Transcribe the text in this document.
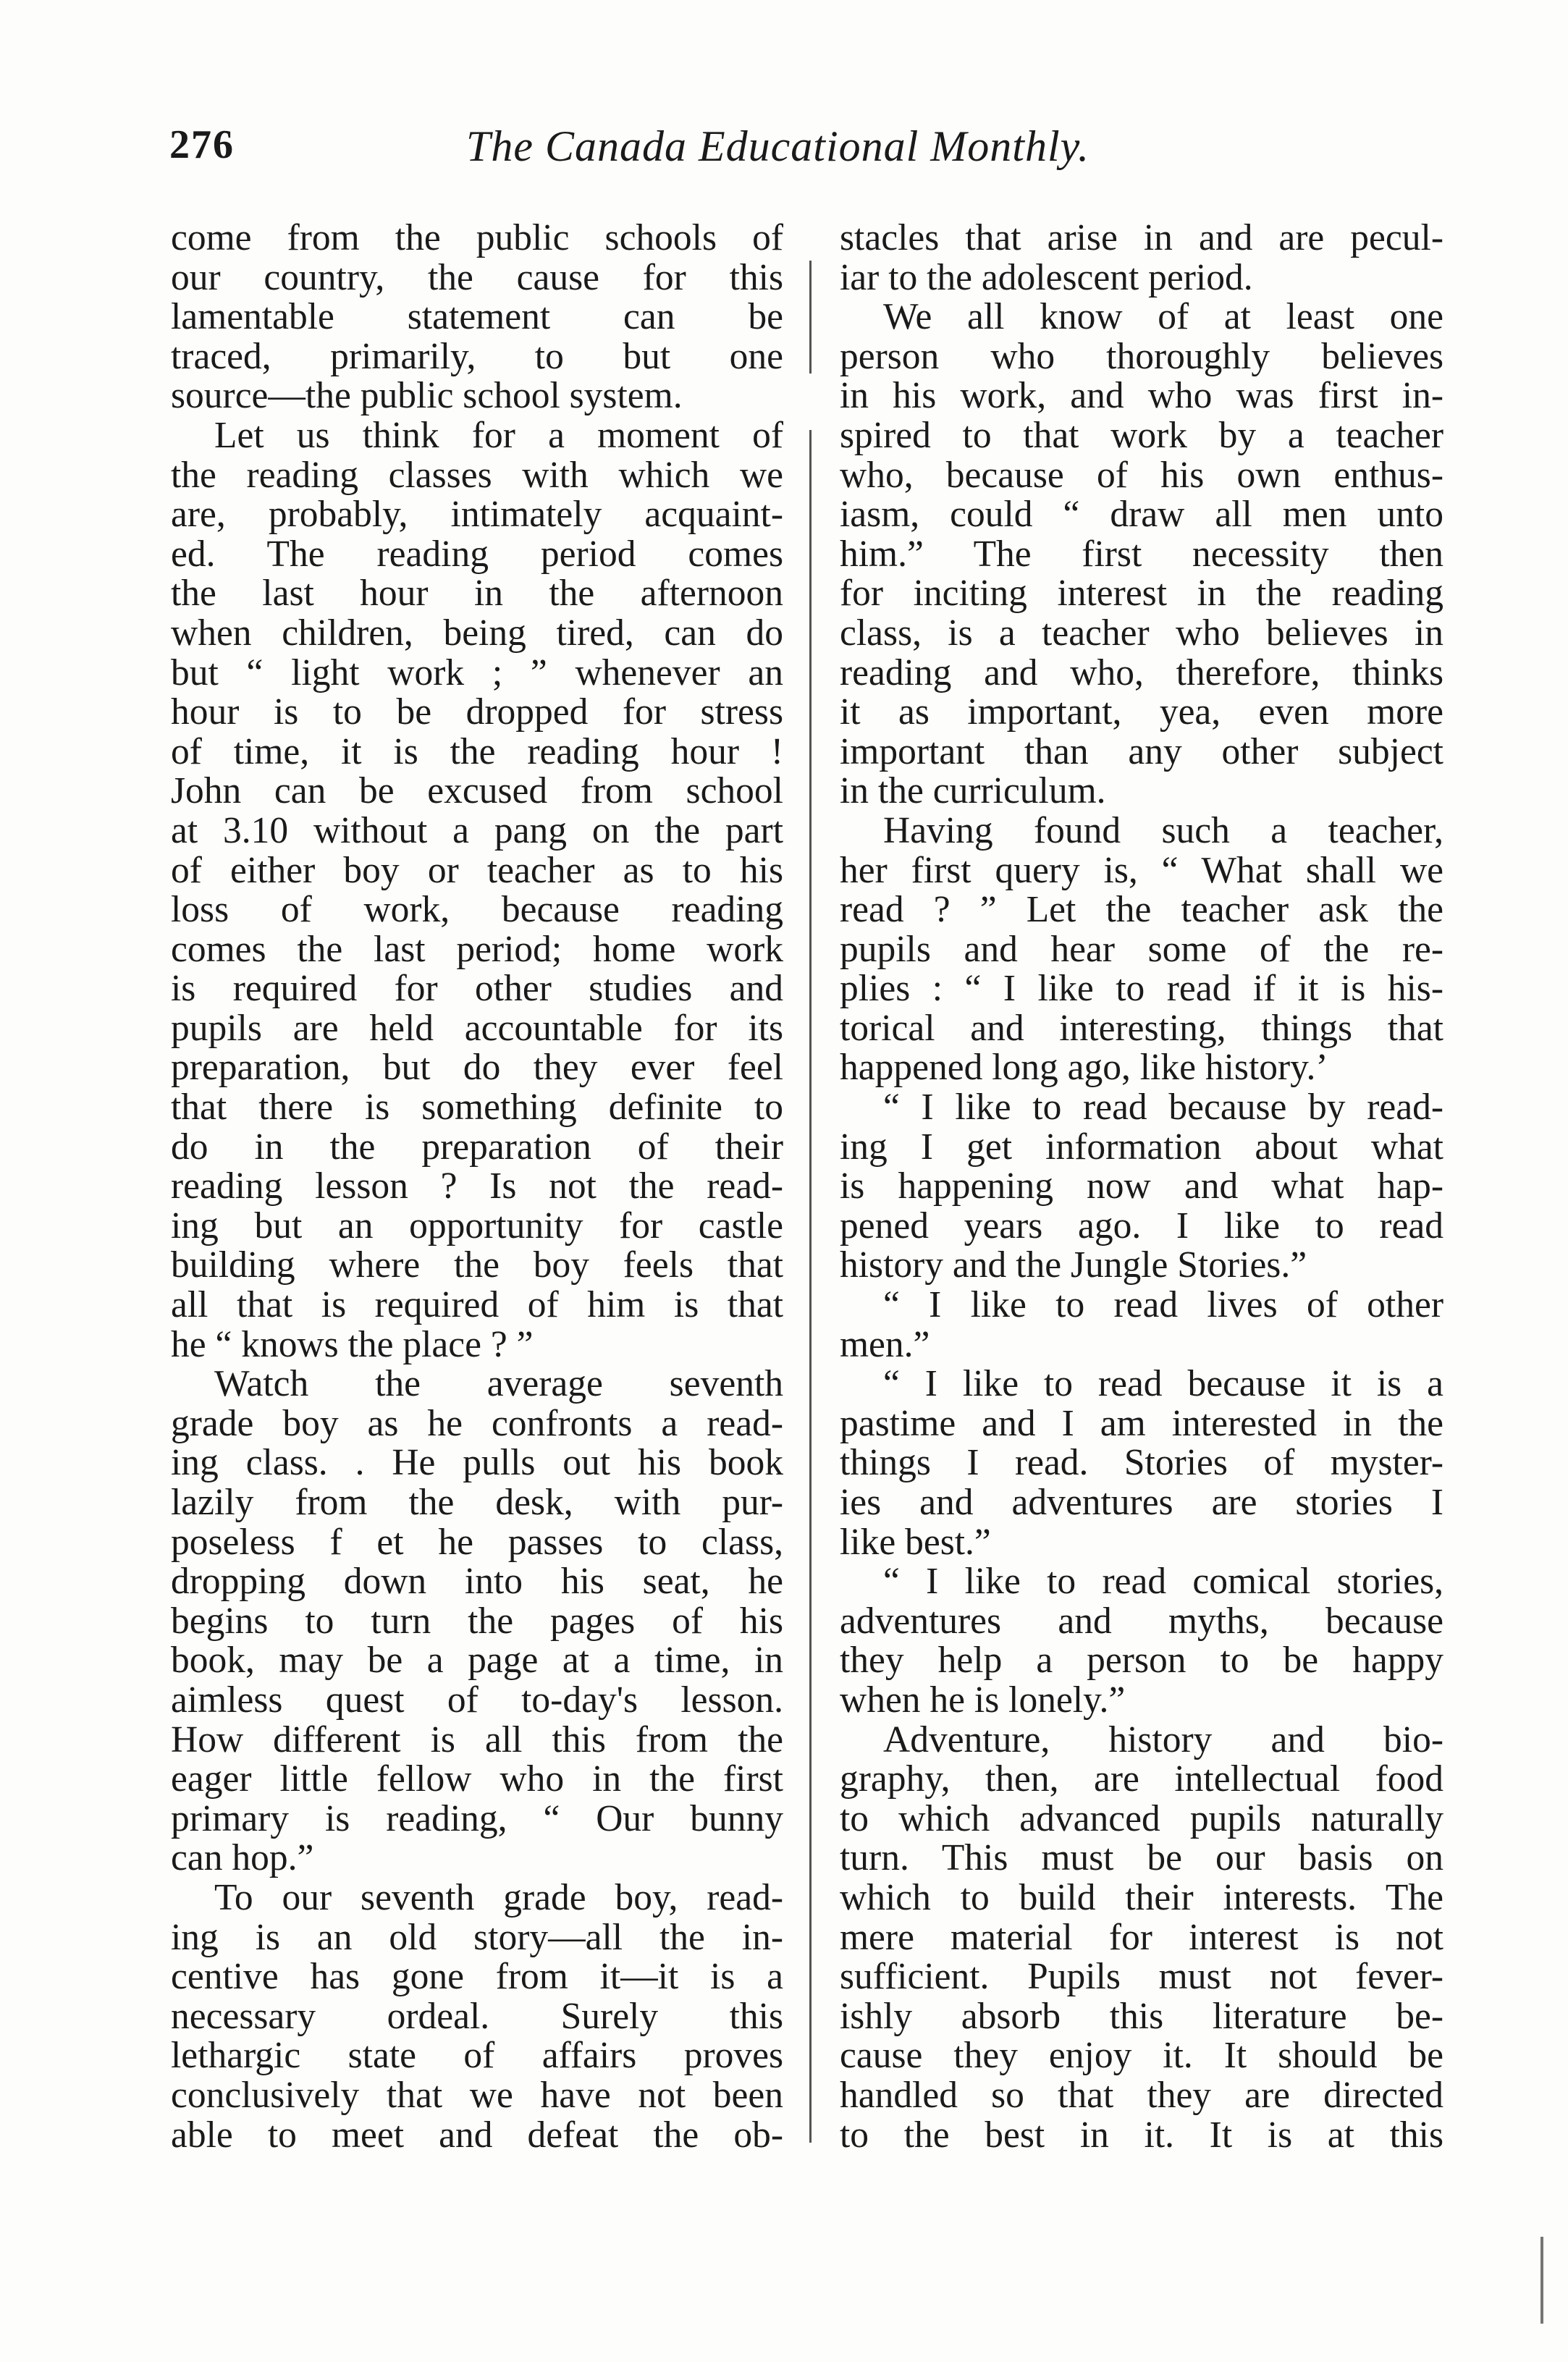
276	The Canada Educational Monthly.
come from the public schools of
our country, the cause for this
lamentable statement can be
traced, primarily, to but one
source—the public school system.
Let us think for a moment of
the reading classes with which we
are, probably, intimately acquaint-
ed. The reading period comes
the last hour in the afternoon
when children, being tired, can do
but “ light work ; ” whenever an
hour is to be dropped for stress
of time, it is the reading hour !
John can be excused from school
at 3.10 without a pang on the part
of either boy or teacher as to his
loss of work, because reading
comes the last period; home work
is required for other studies and
pupils are held accountable for its
preparation, but do they ever feel
that there is something definite to
do in the preparation of their
reading lesson ? Is not the read-
ing but an opportunity for castle
building where the boy feels that
all that is required of him is that
he “ knows the place ? ”
Watch the average seventh
grade boy as he confronts a read-
ing class. . He pulls out his book
lazily from the desk, with pur-
poseless f et he passes to class,
dropping down into his seat, he
begins to turn the pages of his
book, may be a page at a time, in
aimless quest of to-day's lesson.
How different is all this from the
eager little fellow who in the first
primary is reading, “ Our bunny
can hop.”
To our seventh grade boy, read-
ing is an old story—all the in-
centive has gone from it—it is a
necessary ordeal. Surely this
lethargic state of affairs proves
conclusively that we have not been
able to meet and defeat the ob-
stacles that arise in and are pecul-
iar to the adolescent period.
We all know of at least one
person who thoroughly believes
in his work, and who was first in-
spired to that work by a teacher
who, because of his own enthus-
iasm, could “ draw all men unto
him.” The first necessity then
for inciting interest in the reading
class, is a teacher who believes in
reading and who, therefore, thinks
it as important, yea, even more
important than any other subject
in the curriculum.
Having found such a teacher,
her first query is, “ What shall we
read ? ” Let the teacher ask the
pupils and hear some of the re-
plies : “ I like to read if it is his-
torical and interesting, things that
happened long ago, like history.’
“ I like to read because by read-
ing I get information about what
is happening now and what hap-
pened years ago. I like to read
history and the Jungle Stories.”
“ I like to read lives of other
men.”
“ I like to read because it is a
pastime and I am interested in the
things I read. Stories of myster-
ies and adventures are stories I
like best.”
“ I like to read comical stories,
adventures and myths, because
they help a person to be happy
when he is lonely.”
Adventure, history and bio-
graphy, then, are intellectual food
to which advanced pupils naturally
turn. This must be our basis on
which to build their interests. The
mere material for interest is not
sufficient. Pupils must not fever-
ishly absorb this literature be-
cause they enjoy it. It should be
handled so that they are directed
to the best in it. It is at this
